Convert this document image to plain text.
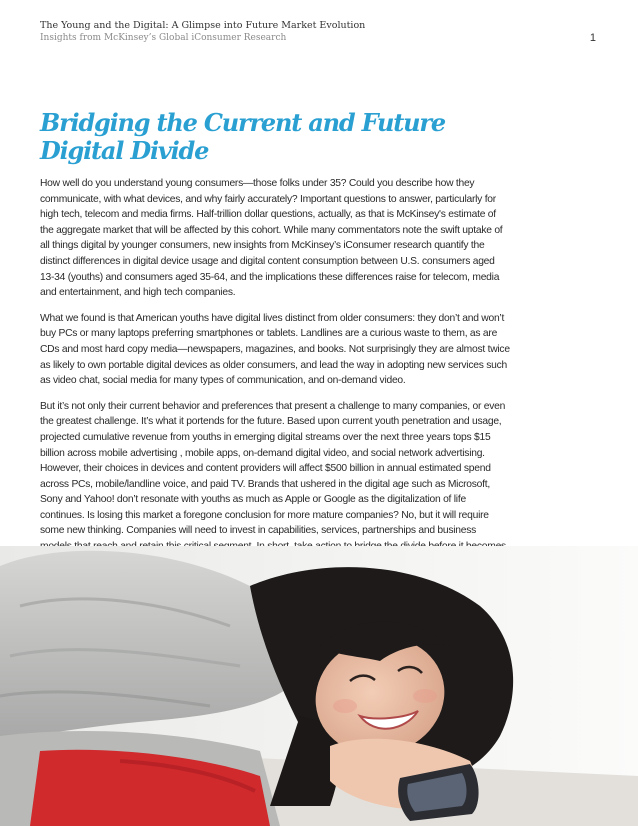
The Young and the Digital: A Glimpse into Future Market Evolution
Insights from McKinsey’s Global iConsumer Research	1
Bridging the Current and Future
Digital Divide

How well do you understand young consumers—those folks under 35? Could you describe how they communicate, with what devices, and why fairly accurately? Important questions to answer, particularly for high tech, telecom and media firms. Half-trillion dollar questions, actually, as that is McKinsey's estimate of the aggregate market that will be affected by this cohort. While many commentators note the swift uptake of all things digital by younger consumers, new insights from McKinsey’s iConsumer research quantify the distinct differences in digital device usage and digital content consumption between U.S. consumers aged 13-34 (youths) and consumers aged 35-64, and the implications these differences raise for telecom, media and entertainment, and high tech companies.

What we found is that American youths have digital lives distinct from older consumers: they don’t and won’t buy PCs or many laptops preferring smartphones or tablets. Landlines are a curious waste to them, as are CDs and most hard copy media—newspapers, magazines, and books. Not surprisingly they are almost twice as likely to own portable digital devices as older consumers, and lead the way in adopting new services such as video chat, social media for many types of communication, and on-demand video.

But it’s not only their current behavior and preferences that present a challenge to many companies, or even the greatest challenge. It’s what it portends for the future. Based upon current youth penetration and usage, projected cumulative revenue from youths in emerging digital streams over the next three years tops $15 billion across mobile advertising , mobile apps, on-demand digital video, and social network advertising. However, their choices in devices and content providers will affect $500 billion in annual estimated spend across PCs, mobile/landline voice, and paid TV. Brands that ushered in the digital age such as Microsoft, Sony and Yahoo! don’t resonate with youths as much as Apple or Google as the digitalization of life continues. Is losing this market a foregone conclusion for more mature companies? No, but it will require some new thinking. Companies will need to invest in capabilities, services, partnerships and business
